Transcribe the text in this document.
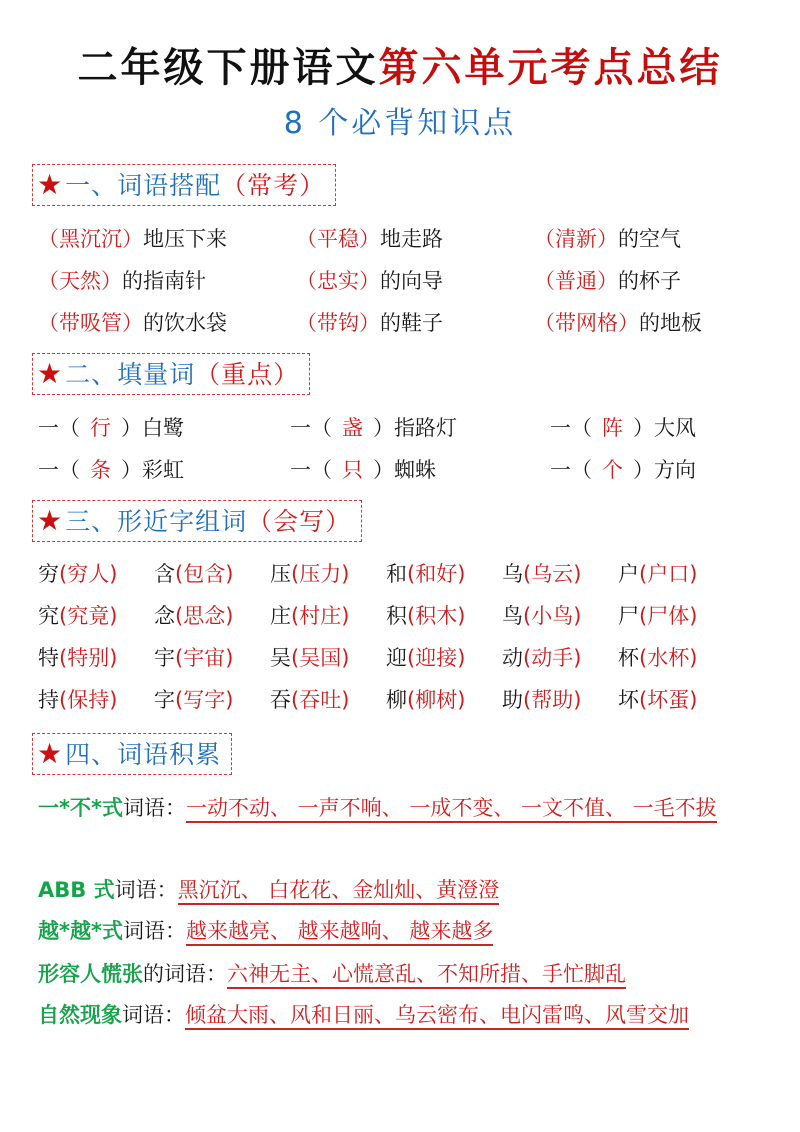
二年级下册语文第六单元考点总结
8 个必背知识点
★一、词语搭配（常考）
（黑沉沉）地压下来	（平稳）地走路	（清新）的空气
（天然）的指南针	（忠实）的向导	（普通）的杯子
（带吸管）的饮水袋	（带钩）的鞋子	（带网格）的地板
★二、填量词（重点）
一（ 行 ）白鹭	一（ 盏 ）指路灯	一（ 阵 ）大风
一（ 条 ）彩虹	一（ 只 ）蜘蛛	一（ 个 ）方向
★三、形近字组词（会写）
穷(穷人) 含(包含) 压(压力) 和(和好) 乌(乌云) 户(户口)
究(究竟) 念(思念) 庄(村庄) 积(积木) 鸟(小鸟) 尸(尸体)
特(特别) 宇(宇宙) 吴(吴国) 迎(迎接) 动(动手) 杯(水杯)
持(保持) 字(写字) 吞(吞吐) 柳(柳树) 助(帮助) 坏(坏蛋)
★四、词语积累
一*不*式词语：一动不动、 一声不响、 一成不变、 一文不值、 一毛不拔
ABB 式词语：黑沉沉、 白花花、金灿灿、黄澄澄
越*越*式词语：越来越亮、 越来越响、 越来越多
形容人慌张的词语：六神无主、心慌意乱、不知所措、手忙脚乱
自然现象词语：倾盆大雨、风和日丽、乌云密布、电闪雷鸣、风雪交加
